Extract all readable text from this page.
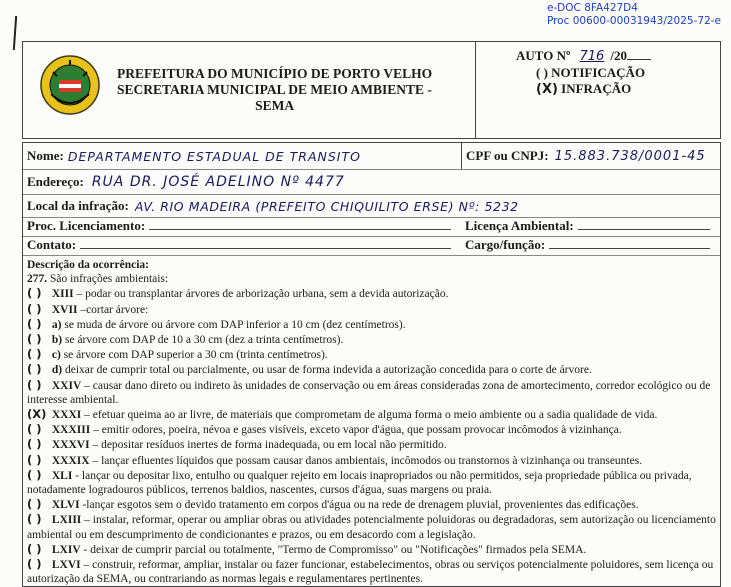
e-DOC 8FA427D4
Proc 00600-00031943/2025-72-e
PREFEITURA DO MUNICÍPIO DE PORTO VELHO
SECRETARIA MUNICIPAL DE MEIO AMBIENTE -
SEMA
AUTO Nº 716 /20
( ) NOTIFICAÇÃO
(X) INFRAÇÃO
Nome: DEPARTAMENTO ESTADUAL DE TRANSITO	CPF ou CNPJ: 15.883.738/0001-45
Endereço: RUA DR. JOSÉ ADELINO Nº 4477
Local da infração: AV. RIO MADEIRA (PREFEITO CHIQUILITO ERSE) Nº: 5232
Proc. Licenciamento:	Licença Ambiental:
Contato:	Cargo/função:

Descrição da ocorrência:

277. São infrações ambientais:

( ) XIII – podar ou transplantar árvores de arborização urbana, sem a devida autorização.

( ) XVII –cortar árvore:

( ) a) se muda de árvore ou árvore com DAP inferior a 10 cm (dez centímetros).

( ) b) se árvore com DAP de 10 a 30 cm (dez a trinta centímetros).

( ) c) se árvore com DAP superior a 30 cm (trinta centímetros).

( ) d) deixar de cumprir total ou parcialmente, ou usar de forma indevida a autorização concedida para o corte de árvore.

( ) XXIV – causar dano direto ou indireto às unidades de conservação ou em áreas consideradas zona de amortecimento, corredor ecológico ou de interesse ambiental.

(X) XXXI – efetuar queima ao ar livre, de materiais que comprometam de alguma forma o meio ambiente ou a sadia qualidade de vida.

( ) XXXIII – emitir odores, poeira, névoa e gases visíveis, exceto vapor d'água, que possam provocar incômodos à vizinhança.

( ) XXXVI – depositar resíduos inertes de forma inadequada, ou em local não permitido.

( ) XXXIX – lançar efluentes líquidos que possam causar danos ambientais, incômodos ou transtornos à vizinhança ou transeuntes.

( ) XLI - lançar ou depositar lixo, entulho ou qualquer rejeito em locais inapropriados ou não permitidos, seja propriedade pública ou privada, notadamente logradouros públicos, terrenos baldios, nascentes, cursos d'água, suas margens ou praia.

( ) XLVI -lançar esgotos sem o devido tratamento em corpos d'água ou na rede de drenagem pluvial, provenientes das edificações.

( ) LXIII – instalar, reformar, operar ou ampliar obras ou atividades potencialmente poluidoras ou degradadoras, sem autorização ou licenciamento ambiental ou em descumprimento de condicionantes e prazos, ou em desacordo com a legislação.

( ) LXIV - deixar de cumprir parcial ou totalmente, "Termo de Compromisso" ou "Notificações" firmados pela SEMA.

( ) LXVI – construir, reformar, ampliar, instalar ou fazer funcionar, estabelecimentos, obras ou serviços potencialmente poluidores, sem licença ou autorização da SEMA, ou contrariando as normas legais e regulamentares pertinentes.
